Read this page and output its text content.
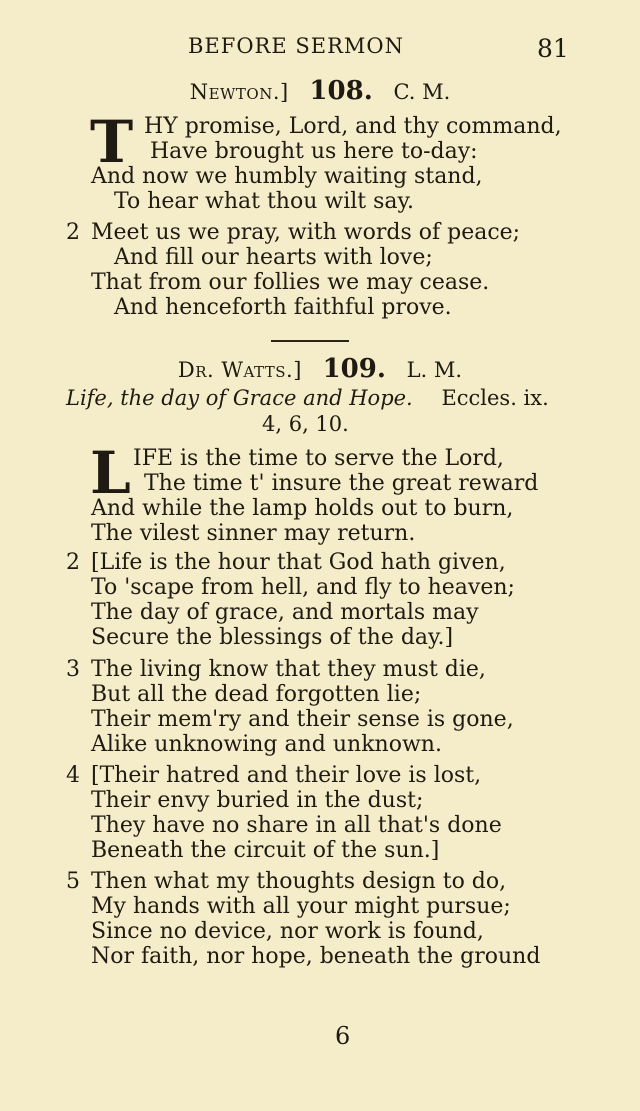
BEFORE SERMON	81
Newton.] 108. C. M.
T HY promise, Lord, and thy command,
Have brought us here to-day:
And now we humbly waiting stand,
To hear what thou wilt say.
2 Meet us we pray, with words of peace;
And fill our hearts with love;
That from our follies we may cease.
And henceforth faithful prove.
Dr. Watts.] 109. L. M.
Life, the day of Grace and Hope. Eccles. ix.
4, 6, 10.
L IFE is the time to serve the Lord,
The time t' insure the great reward
And while the lamp holds out to burn,
The vilest sinner may return.
2 [Life is the hour that God hath given,
To 'scape from hell, and fly to heaven;
The day of grace, and mortals may
Secure the blessings of the day.]
3 The living know that they must die,
But all the dead forgotten lie;
Their mem'ry and their sense is gone,
Alike unknowing and unknown.
4 [Their hatred and their love is lost,
Their envy buried in the dust;
They have no share in all that's done
Beneath the circuit of the sun.]
5 Then what my thoughts design to do,
My hands with all your might pursue;
Since no device, nor work is found,
Nor faith, nor hope, beneath the ground
6
